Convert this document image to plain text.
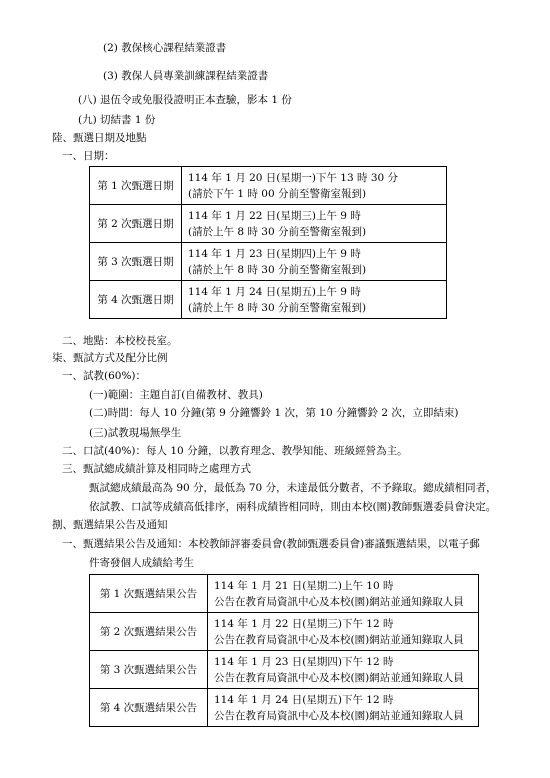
(2) 教保核心課程結業證書
(3) 教保人員專業訓練課程結業證書
(八) 退伍令或免服役證明正本查驗，影本 1 份
(九) 切結書 1 份
陸、甄選日期及地點
一、日期：
第 1 次甄選日期	114 年 1 月 20 日(星期一)下午 13 時 30 分
(請於下午 1 時 00 分前至警衛室報到)

第 2 次甄選日期	114 年 1 月 22 日(星期三)上午 9 時
(請於上午 8 時 30 分前至警衛室報到)

第 3 次甄選日期	114 年 1 月 23 日(星期四)上午 9 時
(請於上午 8 時 30 分前至警衛室報到)

第 4 次甄選日期	114 年 1 月 24 日(星期五)上午 9 時
(請於上午 8 時 30 分前至警衛室報到)
二、地點：本校校長室。
柒、甄試方式及配分比例
一、試教(60%)：
(一)範圍：主題自訂(自備教材、教具)
(二)時間：每人 10 分鐘(第 9 分鐘響鈴 1 次，第 10 分鐘響鈴 2 次，立即結束)
(三)試教現場無學生
二、口試(40%)：每人 10 分鐘，以教育理念、教學知能、班級經營為主。
三、甄試總成績計算及相同時之處理方式
甄試總成績最高為 90 分，最低為 70 分，未達最低分數者，不予錄取。總成績相同者，
依試教、口試等成績高低排序，兩科成績皆相同時，則由本校(園)教師甄選委員會決定。
捌、甄選結果公告及通知
一、甄選結果公告及通知：本校教師評審委員會(教師甄選委員會)審議甄選結果，以電子郵
件寄發個人成績給考生
第 1 次甄選結果公告	114 年 1 月 21 日(星期二)上午 10 時
公告在教育局資訊中心及本校(園)網站並通知錄取人員

第 2 次甄選結果公告	114 年 1 月 22 日(星期三)下午 12 時
公告在教育局資訊中心及本校(園)網站並通知錄取人員

第 3 次甄選結果公告	114 年 1 月 23 日(星期四)下午 12 時
公告在教育局資訊中心及本校(園)網站並通知錄取人員

第 4 次甄選結果公告	114 年 1 月 24 日(星期五)下午 12 時
公告在教育局資訊中心及本校(園)網站並通知錄取人員
